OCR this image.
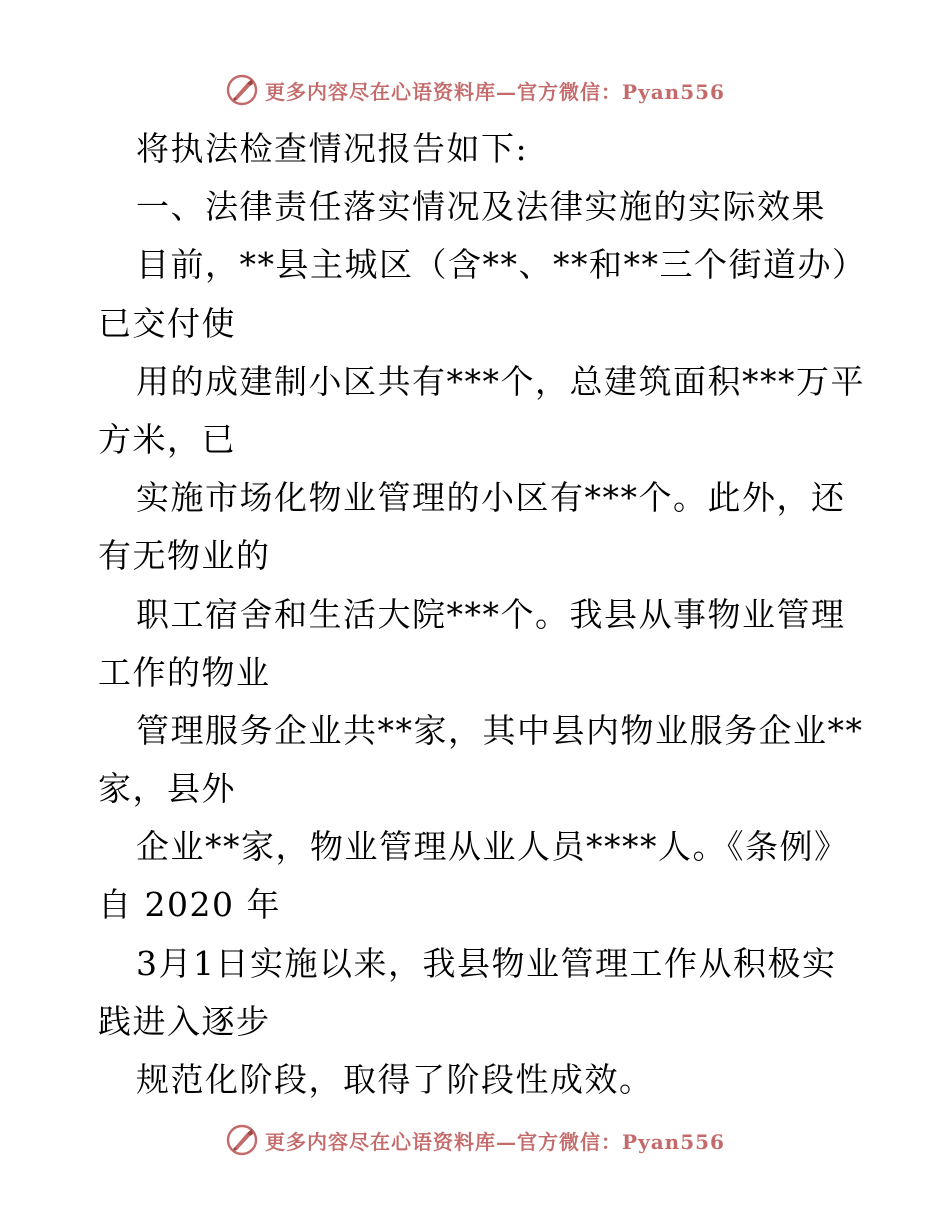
更多内容尽在心语资料库—官方微信：Pyan556
将执法检查情况报告如下:
一、法律责任落实情况及法律实施的实际效果
目前，**县主城区（含**、**和**三个街道办）
已交付使
用的成建制小区共有***个，总建筑面积***万平
方米，已
实施市场化物业管理的小区有***个。此外，还
有无物业的
职工宿舍和生活大院***个。我县从事物业管理
工作的物业
管理服务企业共**家，其中县内物业服务企业**
家，县外
企业**家，物业管理从业人员****人。《条例》
自 2020 年
3月1日实施以来，我县物业管理工作从积极实
践进入逐步
规范化阶段，取得了阶段性成效。
更多内容尽在心语资料库—官方微信：Pyan556
